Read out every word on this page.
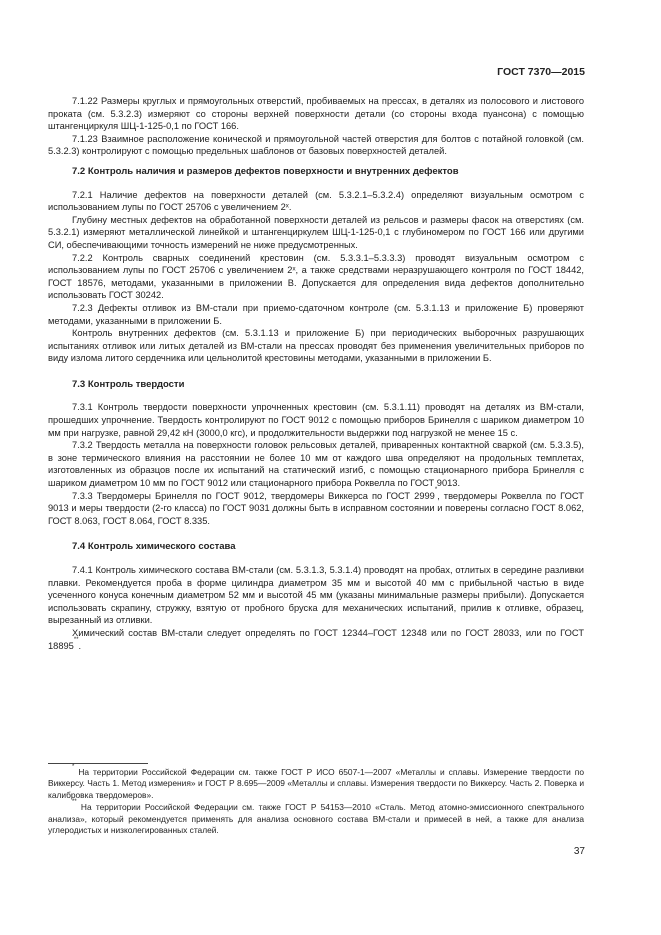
ГОСТ 7370—2015

7.1.22 Размеры круглых и прямоугольных отверстий, пробиваемых на прессах, в деталях из полосового и листового проката (см. 5.3.2.3) измеряют со стороны верхней поверхности детали (со стороны входа пуансона) с помощью штангенциркуля ШЦ-1-125-0,1 по ГОСТ 166.

7.1.23 Взаимное расположение конической и прямоугольной частей отверстия для болтов с потайной головкой (см. 5.3.2.3) контролируют с помощью предельных шаблонов от базовых поверхностей деталей.

7.2 Контроль наличия и размеров дефектов поверхности и внутренних дефектов

7.2.1 Наличие дефектов на поверхности деталей (см. 5.3.2.1–5.3.2.4) определяют визуальным осмотром с использованием лупы по ГОСТ 25706 с увеличением 2ˣ.

Глубину местных дефектов на обработанной поверхности деталей из рельсов и размеры фасок на отверстиях (см. 5.3.2.1) измеряют металлической линейкой и штангенциркулем ШЦ-1-125-0,1 с глубиномером по ГОСТ 166 или другими СИ, обеспечивающими точность измерений не ниже предусмотренных.

7.2.2 Контроль сварных соединений крестовин (см. 5.3.3.1–5.3.3.3) проводят визуальным осмотром с использованием лупы по ГОСТ 25706 с увеличением 2ˣ, а также средствами неразрушающего контроля по ГОСТ 18442, ГОСТ 18576, методами, указанными в приложении В. Допускается для определения вида дефектов дополнительно использовать ГОСТ 30242.

7.2.3 Дефекты отливок из ВМ-стали при приемо-сдаточном контроле (см. 5.3.1.13 и приложение Б) проверяют методами, указанными в приложении Б.

Контроль внутренних дефектов (см. 5.3.1.13 и приложение Б) при периодических выборочных разрушающих испытаниях отливок или литых деталей из ВМ-стали на прессах проводят без применения увеличительных приборов по виду излома литого сердечника или цельнолитой крестовины методами, указанными в приложении Б.

7.3 Контроль твердости

7.3.1 Контроль твердости поверхности упрочненных крестовин (см. 5.3.1.11) проводят на деталях из ВМ-стали, прошедших упрочнение. Твердость контролируют по ГОСТ 9012 с помощью приборов Бринелля с шариком диаметром 10 мм при нагрузке, равной 29,42 кН (3000,0 кгс), и продолжительности выдержки под нагрузкой не менее 15 с.

7.3.2 Твердость металла на поверхности головок рельсовых деталей, приваренных контактной сваркой (см. 5.3.3.5), в зоне термического влияния на расстоянии не более 10 мм от каждого шва определяют на продольных темплетах, изготовленных из образцов после их испытаний на статический изгиб, с помощью стационарного прибора Бринелля с шариком диаметром 10 мм по ГОСТ 9012 или стационарного прибора Роквелла по ГОСТ 9013.

7.3.3 Твердомеры Бринелля по ГОСТ 9012, твердомеры Виккерса по ГОСТ 2999*, твердомеры Роквелла по ГОСТ 9013 и меры твердости (2-го класса) по ГОСТ 9031 должны быть в исправном состоянии и поверены согласно ГОСТ 8.062, ГОСТ 8.063, ГОСТ 8.064, ГОСТ 8.335.

7.4 Контроль химического состава

7.4.1 Контроль химического состава ВМ-стали (см. 5.3.1.3, 5.3.1.4) проводят на пробах, отлитых в середине разливки плавки. Рекомендуется проба в форме цилиндра диаметром 35 мм и высотой 40 мм с прибыльной частью в виде усеченного конуса конечным диаметром 52 мм и высотой 45 мм (указаны минимальные размеры прибыли). Допускается использовать скрапину, стружку, взятую от пробного бруска для механических испытаний, прилив к отливке, образец, вырезанный из отливки.

Химический состав ВМ-стали следует определять по ГОСТ 12344–ГОСТ 12348 или по ГОСТ 28033, или по ГОСТ 18895**.

* На территории Российской Федерации см. также ГОСТ Р ИСО 6507-1—2007 «Металлы и сплавы. Измерение твердости по Виккерсу. Часть 1. Метод измерения» и ГОСТ Р 8.695—2009 «Металлы и сплавы. Измерения твердости по Виккерсу. Часть 2. Поверка и калибровка твердомеров».

** На территории Российской Федерации см. также ГОСТ Р 54153—2010 «Сталь. Метод атомно-эмиссионного спектрального анализа», который рекомендуется применять для анализа основного состава ВМ-стали и примесей в ней, а также для анализа углеродистых и низколегированных сталей.

37
